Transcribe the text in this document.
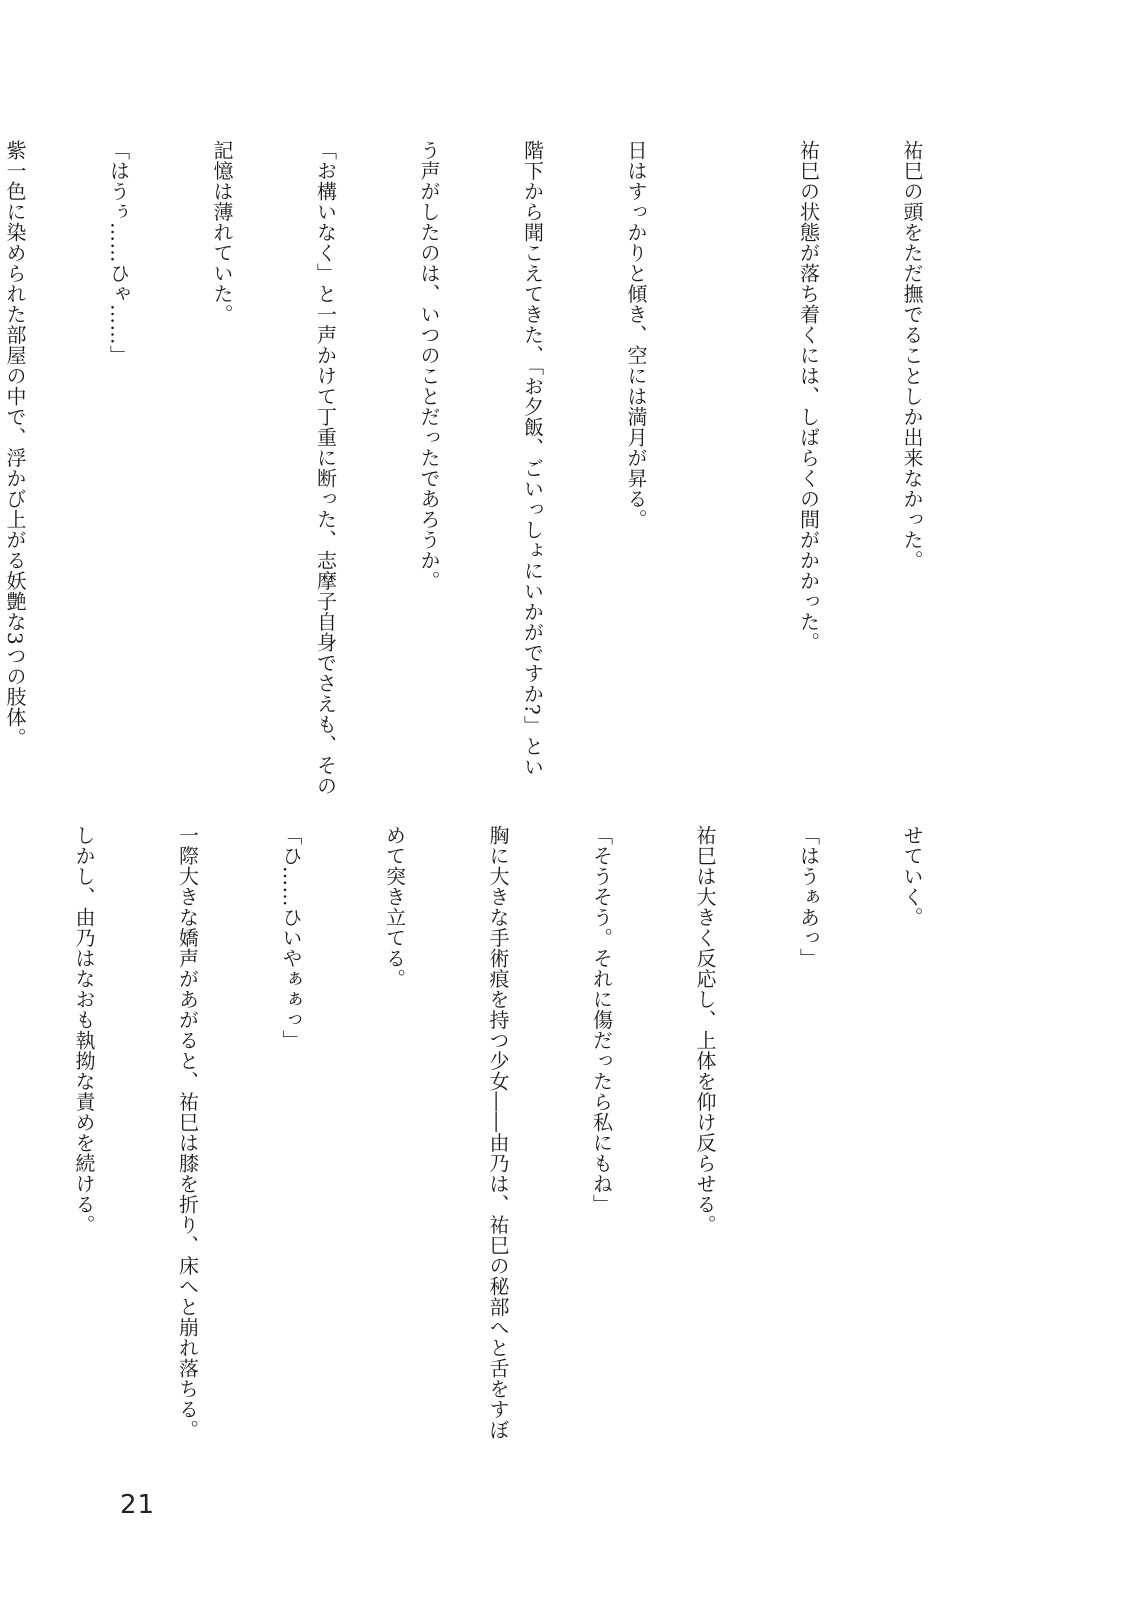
祐巳の頭をただ撫でることしか出来なかった。

祐巳の状態が落ち着くには、しばらくの間がかかった。

日はすっかりと傾き、空には満月が昇る。

階下から聞こえてきた、「お夕飯、ごいっしょにいかがですか?」とい

う声がしたのは、いつのことだったであろうか。

「お構いなく」と一声かけて丁重に断った、志摩子自身でさえも、その

記憶は薄れていた。

「はうぅ……ひゃ……」

紫一色に染められた部屋の中で、浮かび上がる妖艶な3つの肢体。

せていく。

「はうぁあっ」

祐巳は大きく反応し、上体を仰け反らせる。

「そうそう。それに傷だったら私にもね」

胸に大きな手術痕を持つ少女――由乃は、祐巳の秘部へと舌をすぼ

めて突き立てる。

「ひ……ひいやぁぁっ」

一際大きな嬌声があがると、祐巳は膝を折り、床へと崩れ落ちる。

しかし、由乃はなおも執拗な責めを続ける。

21
